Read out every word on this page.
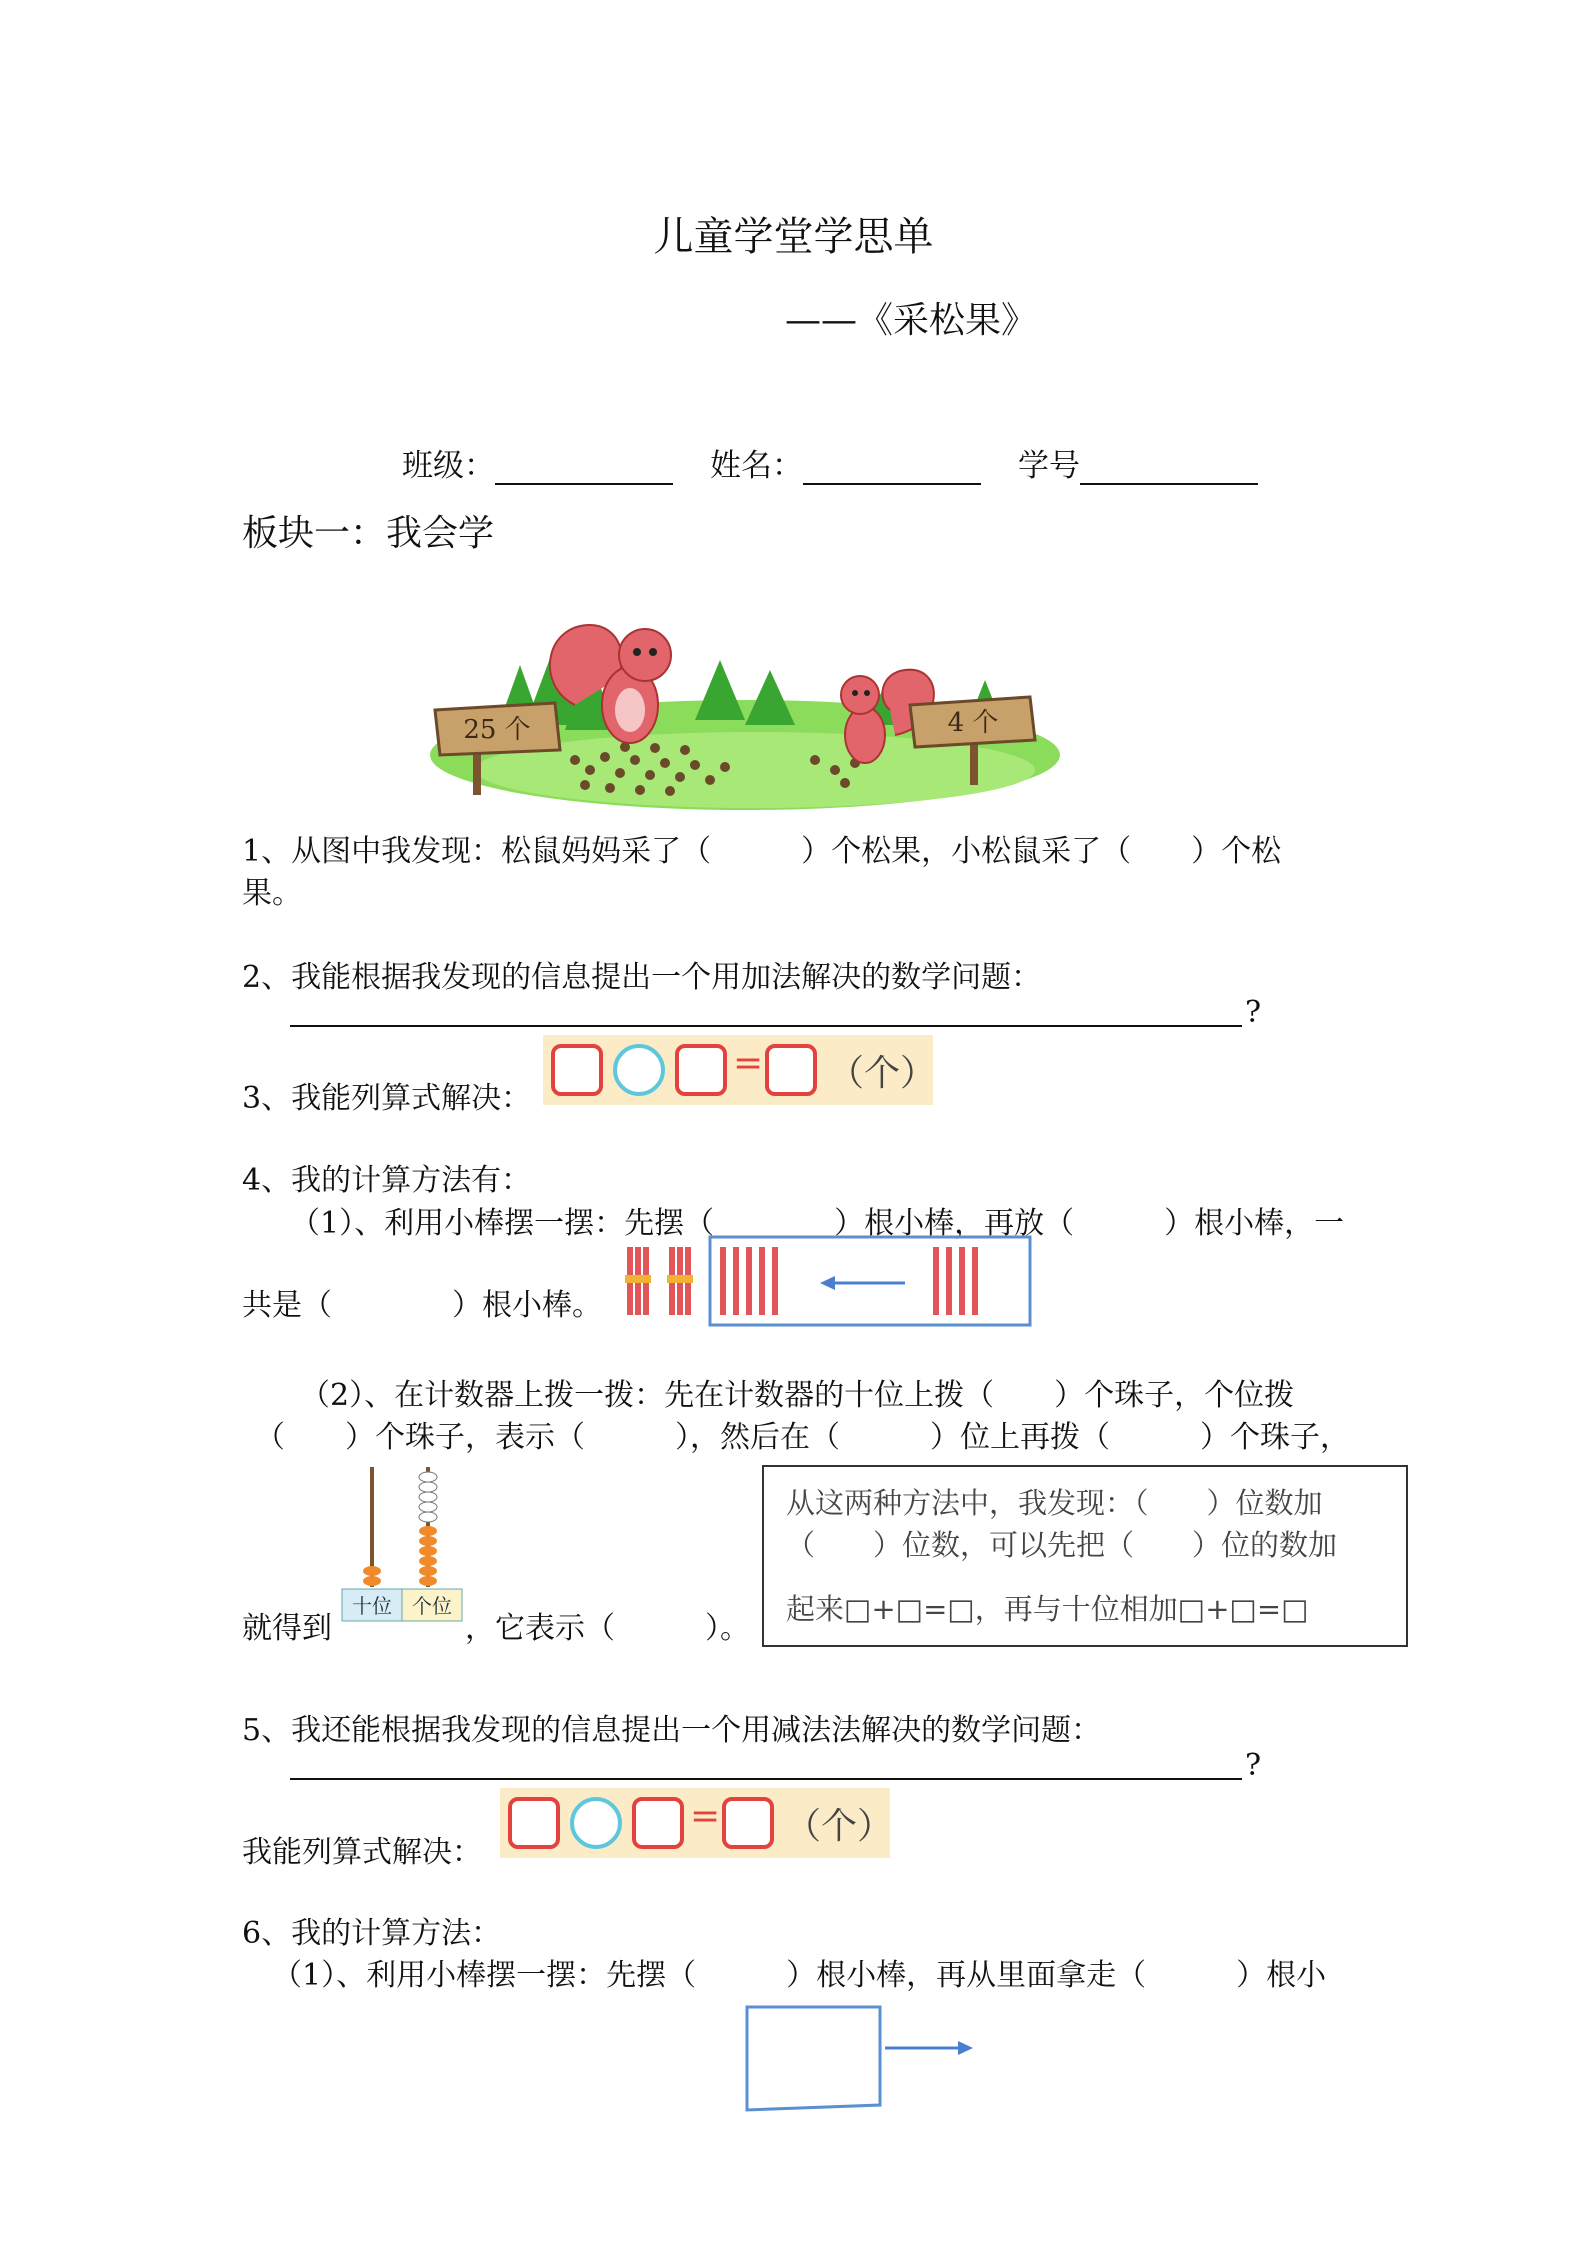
儿童学堂学思单
——《采松果》
班级：	姓名：	学号
板块一：我会学
25 个	4 个
1、从图中我发现：松鼠妈妈采了（　　　）个松果，小松鼠采了（　　）个松
果。
2、我能根据我发现的信息提出一个用加法解决的数学问题：
?
3、我能列算式解决：
= （个）
4、我的计算方法有：
（1）、利用小棒摆一摆：先摆（　　　　）根小棒，再放（　　　）根小棒，一
共是（　　　　）根小棒。
（2）、在计数器上拨一拨：先在计数器的十位上拨（　　）个珠子，个位拨
（　　）个珠子，表示（　　　），然后在（　　　）位上再拨（　　　）个珠子，
十位 个位
就得到	，它表示（　　　）。
从这两种方法中，我发现：（　　）位数加
（　　）位数，可以先把（　　）位的数加
起来□+□=□，再与十位相加□+□=□
5、我还能根据我发现的信息提出一个用减法法解决的数学问题：
?
我能列算式解决：
= （个）
6、我的计算方法：
（1）、利用小棒摆一摆：先摆（　　　）根小棒，再从里面拿走（　　　）根小
